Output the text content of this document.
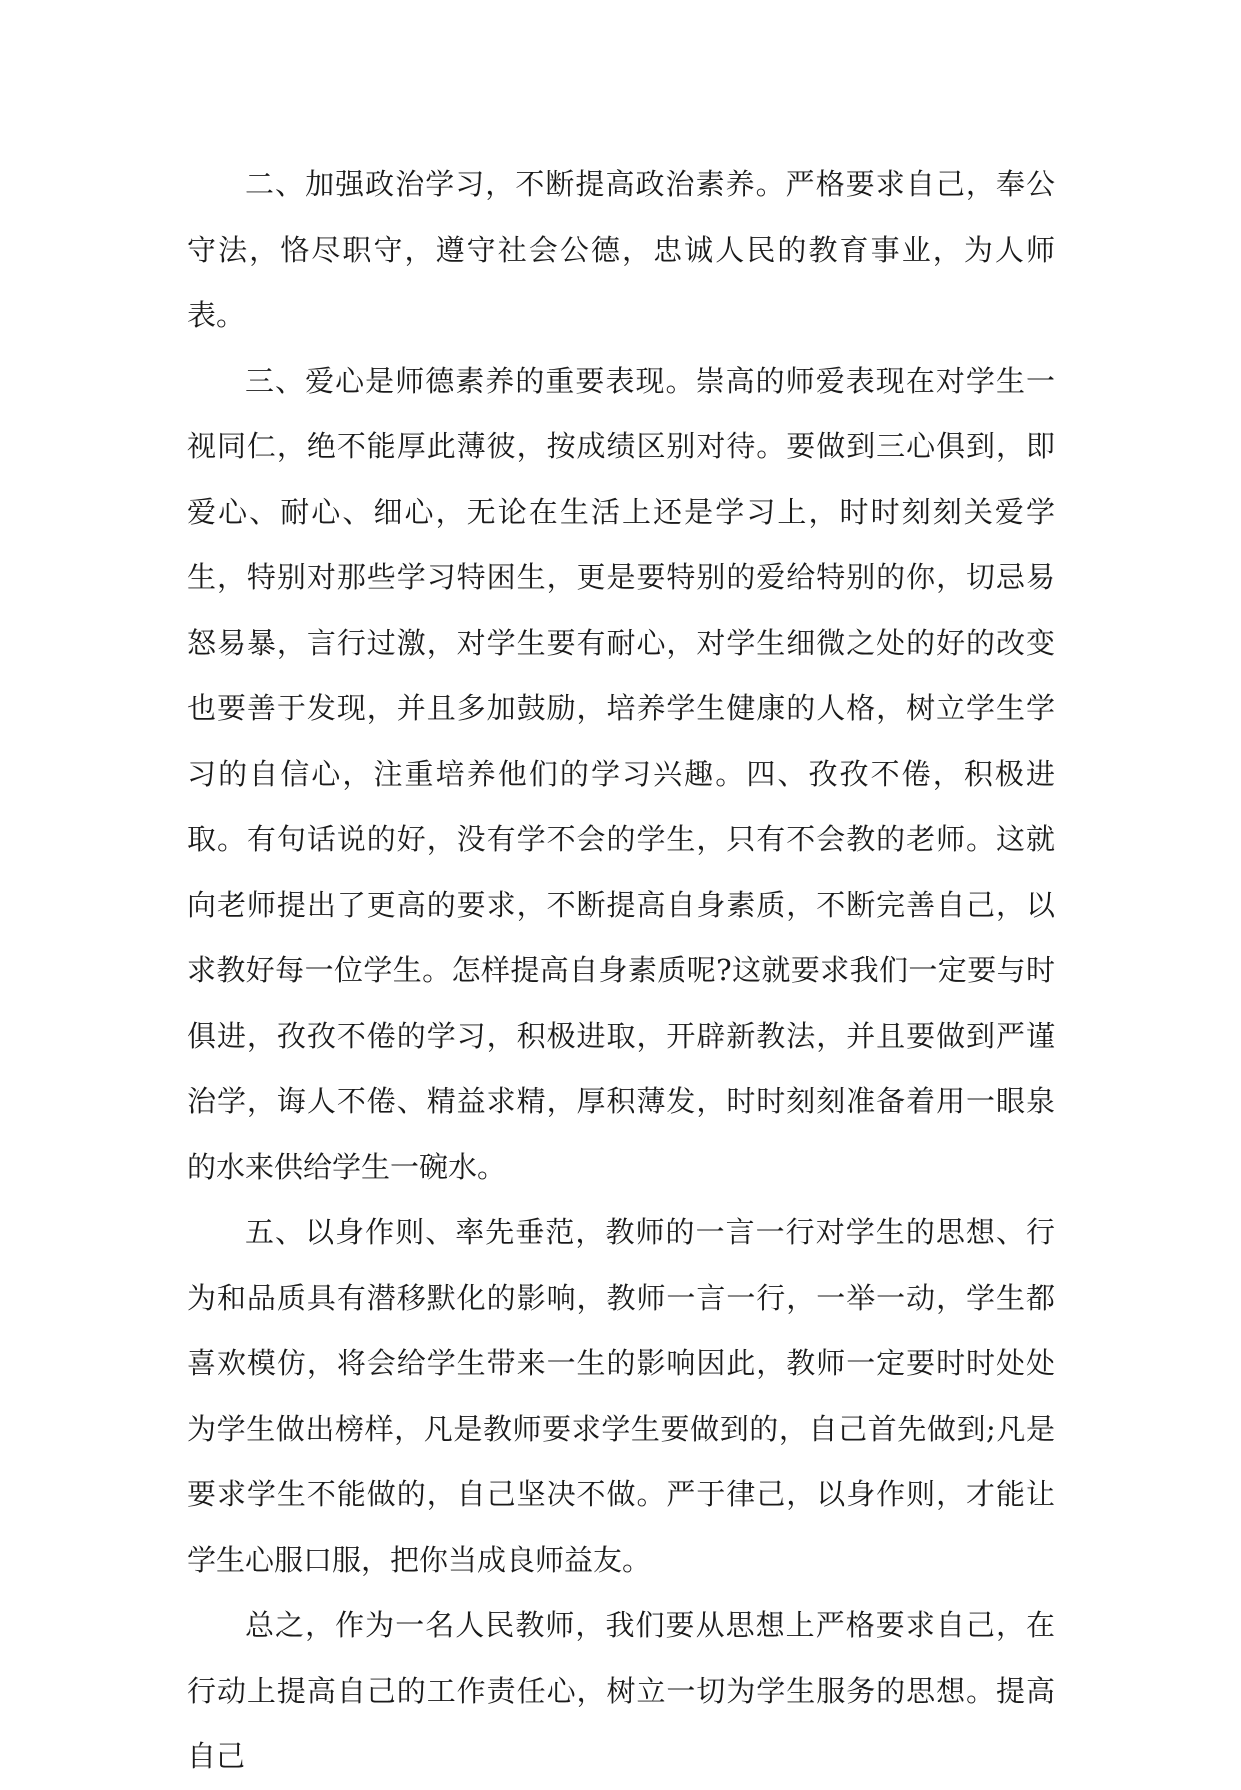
二、加强政治学习，不断提高政治素养。严格要求自己，奉公守法，恪尽职守，遵守社会公德，忠诚人民的教育事业，为人师表。

三、爱心是师德素养的重要表现。崇高的师爱表现在对学生一视同仁，绝不能厚此薄彼，按成绩区别对待。要做到三心俱到，即爱心、耐心、细心，无论在生活上还是学习上，时时刻刻关爱学生，特别对那些学习特困生，更是要特别的爱给特别的你，切忌易怒易暴，言行过激，对学生要有耐心，对学生细微之处的好的改变也要善于发现，并且多加鼓励，培养学生健康的人格，树立学生学习的自信心，注重培养他们的学习兴趣。四、孜孜不倦，积极进取。有句话说的好，没有学不会的学生，只有不会教的老师。这就向老师提出了更高的要求，不断提高自身素质，不断完善自己，以求教好每一位学生。怎样提高自身素质呢?这就要求我们一定要与时俱进，孜孜不倦的学习，积极进取，开辟新教法，并且要做到严谨治学，诲人不倦、精益求精，厚积薄发，时时刻刻准备着用一眼泉的水来供给学生一碗水。

五、以身作则、率先垂范，教师的一言一行对学生的思想、行为和品质具有潜移默化的影响，教师一言一行，一举一动，学生都喜欢模仿，将会给学生带来一生的影响因此，教师一定要时时处处为学生做出榜样，凡是教师要求学生要做到的，自己首先做到;凡是要求学生不能做的，自己坚决不做。严于律己，以身作则，才能让学生心服口服，把你当成良师益友。

总之，作为一名人民教师，我们要从思想上严格要求自己，在行动上提高自己的工作责任心，树立一切为学生服务的思想。提高自己
